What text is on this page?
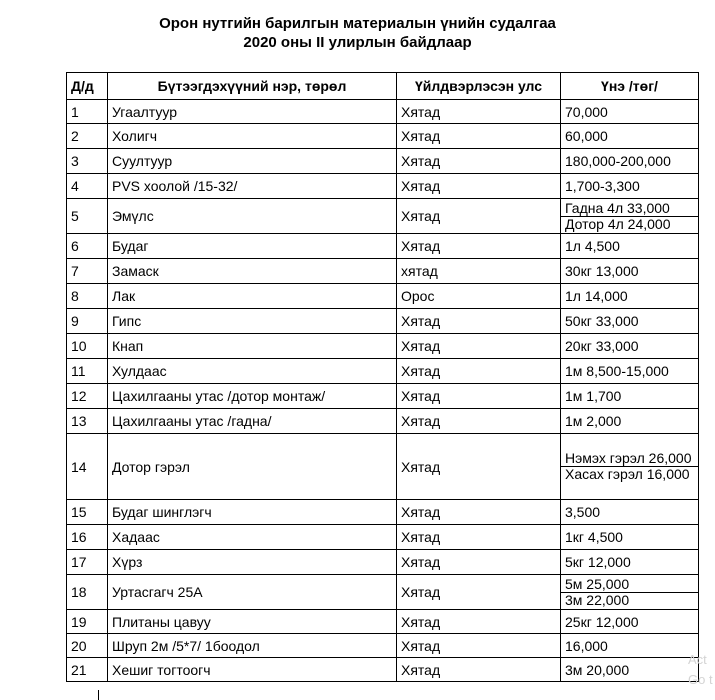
Орон нутгийн барилгын материалын үнийн судалгаа
2020 оны II улирлын байдлаар
Д/д	Бүтээгдэхүүний нэр, төрөл	Үйлдвэрлэсэн улс	Үнэ /төг/
1	Угаалтуур	Хятад	70,000
2	Холигч	Хятад	60,000
3	Суултуур	Хятад	180,000-200,000
4	PVS хоолой /15-32/	Хятад	1,700-3,300
5	Эмүлс	Хятад	Гадна 4л 33,000
Дотор 4л 24,000

6	Будаг	Хятад	1л 4,500
7	Замаск	хятад	30кг 13,000
8	Лак	Орос	1л 14,000
9	Гипс	Хятад	50кг 33,000
10	Кнап	Хятад	20кг 33,000
11	Хулдаас	Хятад	1м 8,500-15,000
12	Цахилгааны утас /дотор монтаж/	Хятад	1м 1,700
13	Цахилгааны утас /гадна/	Хятад	1м 2,000
14	Дотор гэрэл	Хятад	Нэмэх гэрэл 26,000
Хасах гэрэл 16,000

15	Будаг шинглэгч	Хятад	3,500
16	Хадаас	Хятад	1кг 4,500
17	Хүрз	Хятад	5кг 12,000
18	Уртасгагч 25А	Хятад	5м 25,000
3м 22,000

19	Плитаны цавуу	Хятад	25кг 12,000
20	Шруп 2м /5*7/ 1боодол	Хятад	16,000
21	Хешиг тогтоогч	Хятад	3м 20,000
Act
Go t
